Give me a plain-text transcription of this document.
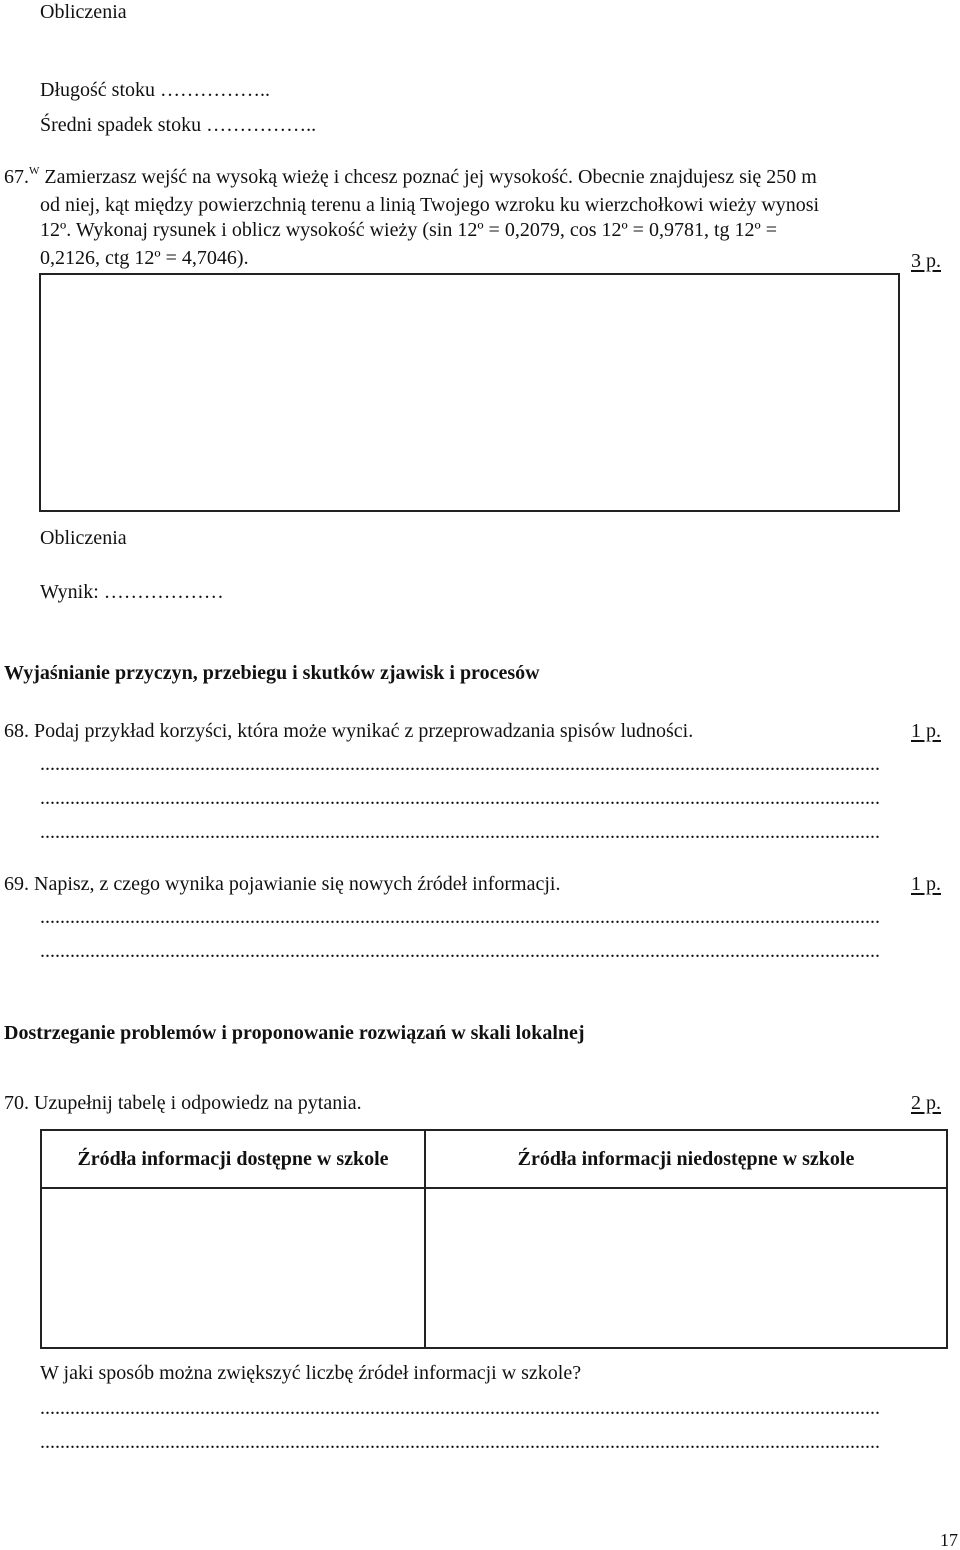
Obliczenia
Długość stoku ……………..
Średni spadek stoku ……………..
67.$^W$ Zamierzasz wejść na wysoką wieżę i chcesz poznać jej wysokość. Obecnie znajdujesz się 250 m
od niej, kąt między powierzchnią terenu a linią Twojego wzroku ku wierzchołkowi wieży wynosi
12º. Wykonaj rysunek i oblicz wysokość wieży (sin 12º = 0,2079, cos 12º = 0,9781, tg 12º =
0,2126, ctg 12º = 4,7046).	3 p.
Obliczenia
Wynik: ………………
Wyjaśnianie przyczyn, przebiegu i skutków zjawisk i procesów
68. Podaj przykład korzyści, która może wynikać z przeprowadzania spisów ludności.	1 p.
........................................................................................................................................................................
........................................................................................................................................................................
........................................................................................................................................................................
69. Napisz, z czego wynika pojawianie się nowych źródeł informacji.	1 p.
........................................................................................................................................................................
........................................................................................................................................................................
Dostrzeganie problemów i proponowanie rozwiązań w skali lokalnej
70. Uzupełnij tabelę i odpowiedz na pytania.	2 p.
Źródła informacji dostępne w szkole	Źródła informacji niedostępne w szkole

W jaki sposób można zwiększyć liczbę źródeł informacji w szkole?
........................................................................................................................................................................
........................................................................................................................................................................
17
